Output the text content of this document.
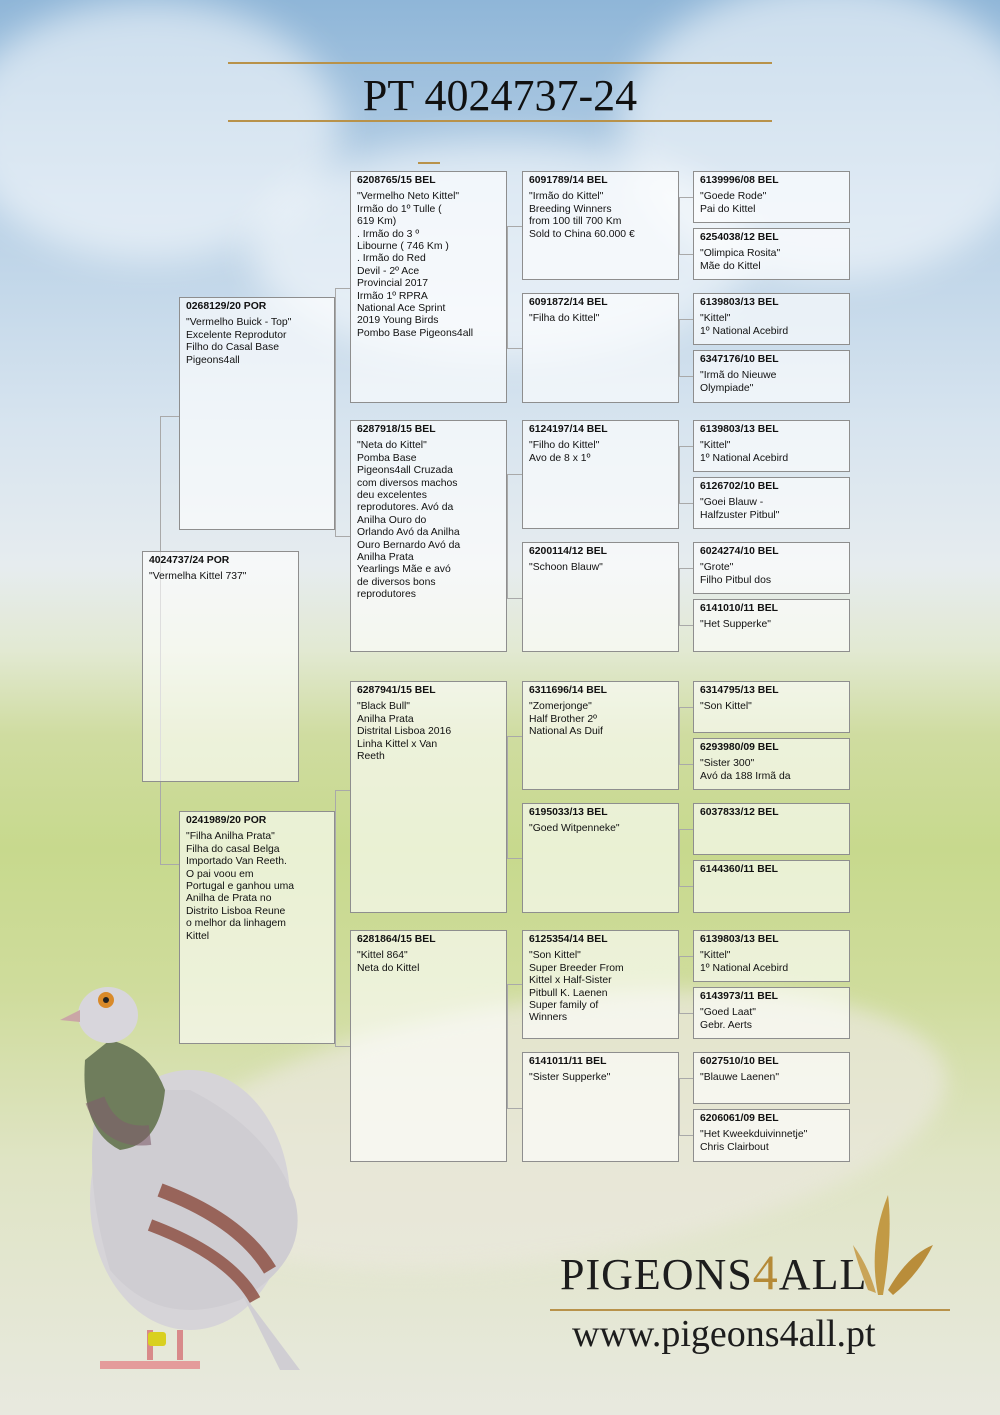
PT 4024737-24
4024737/24 POR
"Vermelha Kittel 737"
0268129/20 POR
"Vermelho Buick - Top"
Excelente Reprodutor
Filho do Casal Base
Pigeons4all
0241989/20 POR
"Filha Anilha Prata"
Filha do casal Belga
Importado Van Reeth.
O pai voou em
Portugal e ganhou uma
Anilha de Prata no
Distrito Lisboa Reune
o melhor da linhagem
Kittel
6208765/15 BEL
"Vermelho Neto Kittel"
Irmão do 1º Tulle (
619 Km)
. Irmão do 3 º
Libourne ( 746 Km )
. Irmão do Red
Devil - 2º Ace
Provincial 2017
Irmão 1º RPRA
National Ace Sprint
2019 Young Birds
Pombo Base Pigeons4all
6287918/15 BEL
"Neta do Kittel"
Pomba Base
Pigeons4all Cruzada
com diversos machos
deu excelentes
reprodutores. Avó da
Anilha Ouro do
Orlando Avó da Anilha
Ouro Bernardo Avó da
Anilha Prata
Yearlings Mãe e avó
de diversos bons
reprodutores
6287941/15 BEL
"Black Bull"
Anilha Prata
Distrital Lisboa 2016
Linha Kittel x Van
Reeth
6281864/15 BEL
"Kittel 864"
Neta do Kittel
6091789/14 BEL
"Irmão do Kittel"
Breeding Winners
from 100 till 700 Km
Sold to China 60.000 €
6091872/14 BEL
"Filha do Kittel"
6124197/14 BEL
"Filho do Kittel"
Avo de 8 x 1º
6200114/12 BEL
"Schoon Blauw"
6311696/14 BEL
"Zomerjonge"
Half Brother 2º
National As Duif
6195033/13 BEL
"Goed Witpenneke"
6125354/14 BEL
"Son Kittel"
Super Breeder From
Kittel x Half-Sister
Pitbull K. Laenen
Super family of
Winners
6141011/11 BEL
"Sister Supperke"
6139996/08 BEL
"Goede Rode"
Pai do Kittel
6254038/12 BEL
"Olimpica Rosita"
Mãe do Kittel
6139803/13 BEL
"Kittel"
1º National Acebird
6347176/10 BEL
"Irmã do Nieuwe
Olympiade"
6139803/13 BEL
"Kittel"
1º National Acebird
6126702/10 BEL
"Goei Blauw -
Halfzuster Pitbul"
6024274/10 BEL
"Grote"
Filho Pitbul dos
6141010/11 BEL
"Het Supperke"
6314795/13 BEL
"Son Kittel"
6293980/09 BEL
"Sister 300"
Avó da 188 Irmã da
6037833/12 BEL
6144360/11 BEL
6139803/13 BEL
"Kittel"
1º National Acebird
6143973/11 BEL
"Goed Laat"
Gebr. Aerts
6027510/10 BEL
"Blauwe Laenen"
6206061/09 BEL
"Het Kweekduivinnetje"
Chris Clairbout
PIGEONS4ALL
www.pigeons4all.pt
